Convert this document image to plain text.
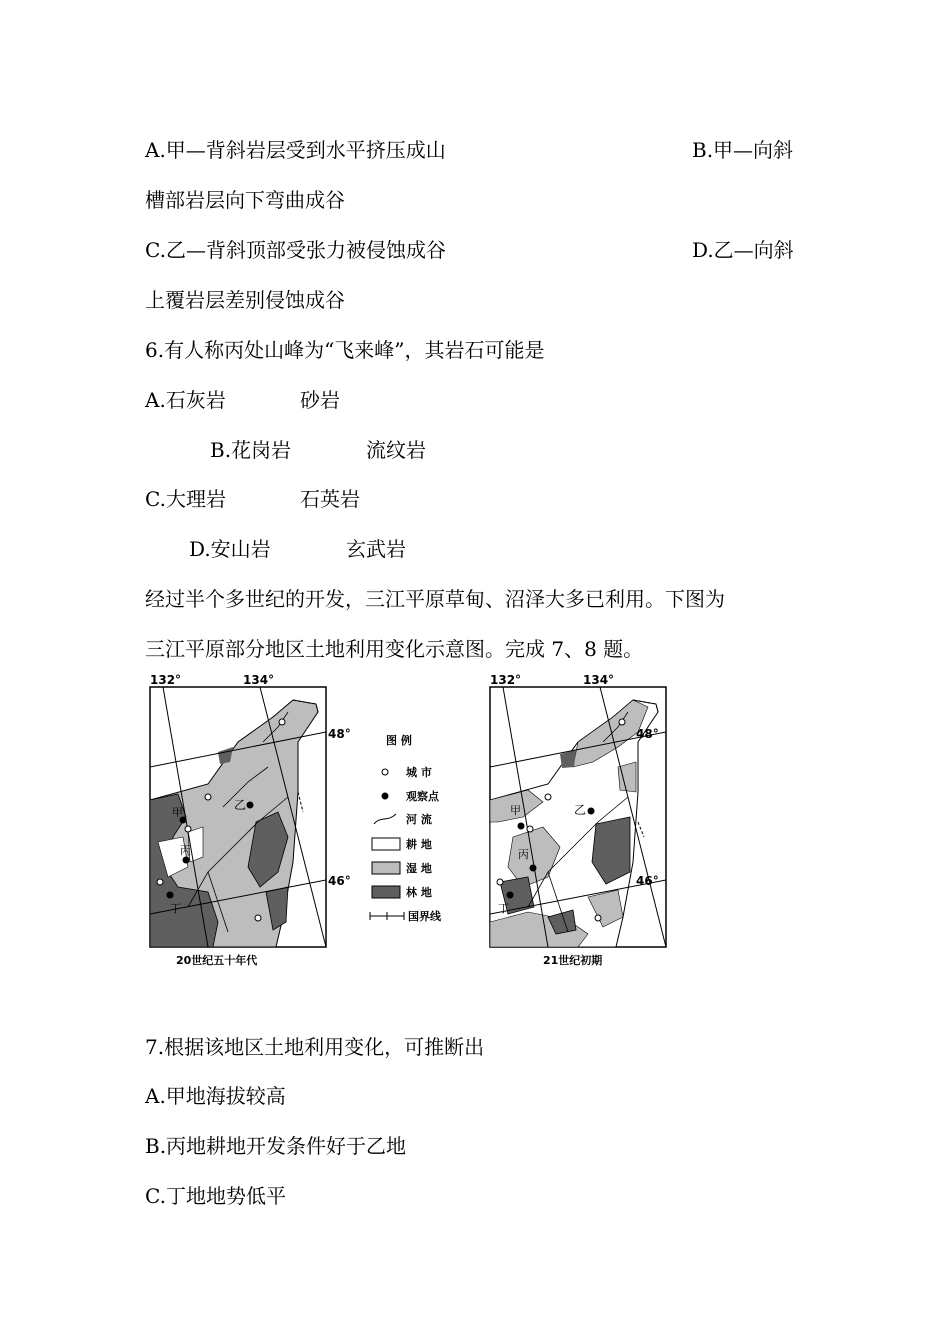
A.甲—背斜岩层受到水平挤压成山	B.甲—向斜
槽部岩层向下弯曲成谷
C.乙—背斜顶部受张力被侵蚀成谷	D.乙—向斜
上覆岩层差别侵蚀成谷
6.有人称丙处山峰为“飞来峰”，其岩石可能是
A.石灰岩	砂岩
B.花岗岩	流纹岩
C.大理岩	石英岩
D.安山岩	玄武岩
经过半个多世纪的开发，三江平原草甸、沼泽大多已利用。下图为
三江平原部分地区土地利用变化示意图。完成 7、8 题。
甲
乙
丙
丁
132°	134°
48°
46°
20世纪五十年代
图 例
城 市
观察点
河 流
耕 地
湿 地
林 地
国界线
甲	乙
丙
丁
132°	134°
48°
46°
21世纪初期
7.根据该地区土地利用变化，可推断出
A.甲地海拔较高
B.丙地耕地开发条件好于乙地
C.丁地地势低平
